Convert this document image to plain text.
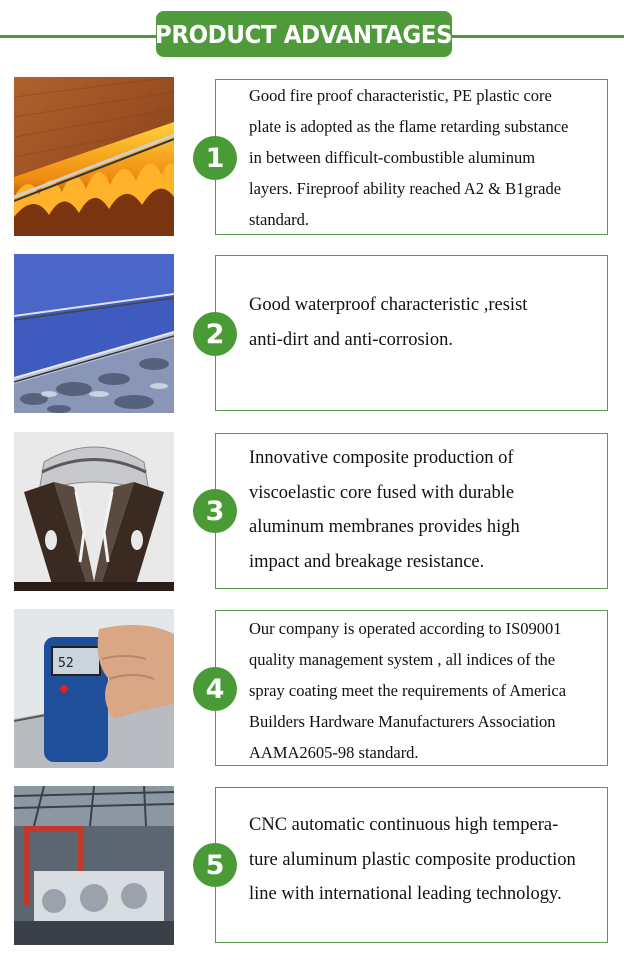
PRODUCT ADVANTAGES
1
Good fire proof characteristic, PE plastic core
plate is adopted as the flame retarding substance
in between difficult-combustible aluminum
layers. Fireproof ability reached A2 & B1grade
standard.
2
Good waterproof characteristic ,resist
anti-dirt and anti-corrosion.
3
Innovative composite production of
viscoelastic core fused with durable
aluminum membranes provides high
impact and breakage resistance.
52
4
Our company is operated according to IS09001
quality management system , all indices of the
spray coating meet the requirements of America
Builders Hardware Manufacturers Association
AAMA2605-98 standard.
5
CNC automatic continuous high tempera-
ture aluminum plastic composite production
line with international leading technology.
